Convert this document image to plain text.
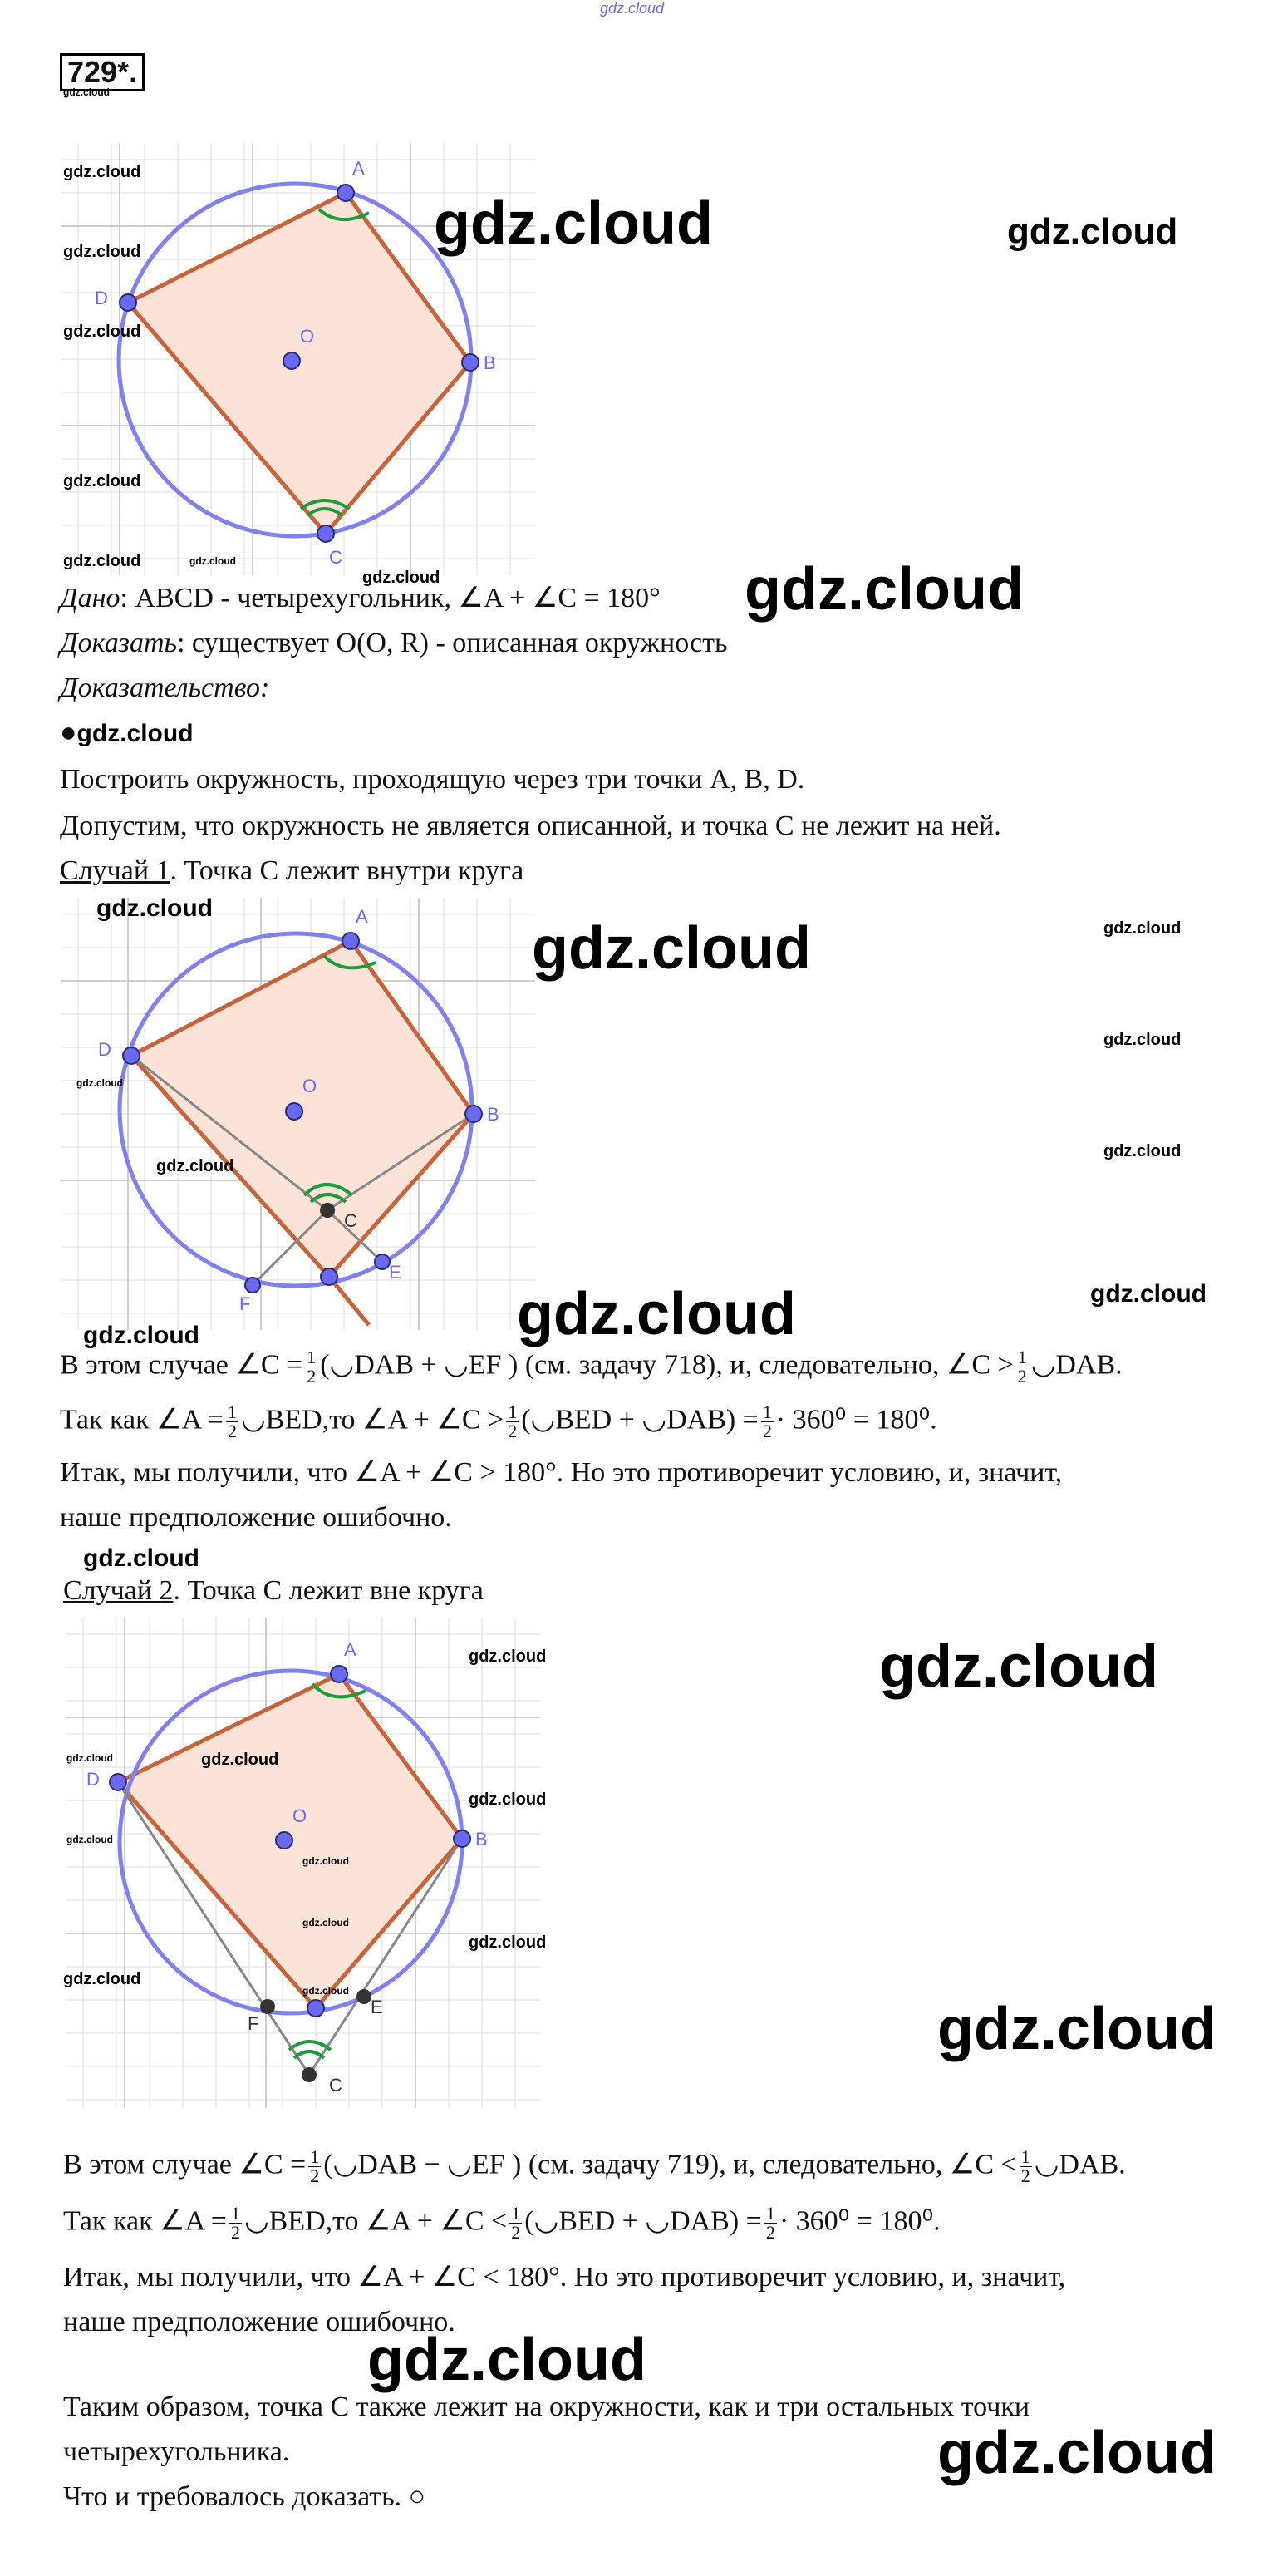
gdz.cloud
729*.
gdz.cloud
A
B
C
D
O
gdz.cloud
gdz.cloud
gdz.cloud
gdz.cloud
gdz.cloud	gdz.cloud
gdz.cloud
gdz.cloud	gdz.cloud
Дано: ABCD - четырехугольник, ∠A + ∠C = 180° gdz.cloud
Доказать: существует O(O, R) - описанная окружность
Доказательство:
●gdz.cloud
Построить окружность, проходящую через три точки A, B, D.
Допустим, что окружность не является описанной, и точка C не лежит на ней.
Случай 1. Точка C лежит внутри круга
A
B
C
D
O
E
F
gdz.cloud
gdz.cloud
gdz.cloud
gdz.cloud	gdz.cloud
gdz.cloud
gdz.cloud
gdz.cloud
gdz.cloud
gdz.cloud
В этом случае ∠C = $\frac{1}{2}$ (◡DAB + ◡EF ) (см. задачу 718), и, следовательно, ∠C > $\frac{1}{2}$ ◡DAB.
Так как ∠A = $\frac{1}{2}$ ◡BED,то ∠A + ∠C > $\frac{1}{2}$ (◡BED + ◡DAB) = $\frac{1}{2} \cdot 360^0 = 180^0$.
Итак, мы получили, что ∠A + ∠C > 180°. Но это противоречит условию, и, значит,
наше предположение ошибочно.
gdz.cloud
Случай 2. Точка C лежит вне круга
A
B
C
D
O
E
F
gdz.cloud
gdz.cloud	gdz.cloud
gdz.cloud
gdz.cloud
gdz.cloud
gdz.cloud
gdz.cloud
gdz.cloud
gdz.cloud
gdz.cloud
gdz.cloud
В этом случае ∠C = $\frac{1}{2}$ (◡DAB − ◡EF ) (см. задачу 719), и, следовательно, ∠C < $\frac{1}{2}$ ◡DAB.
Так как ∠A = $\frac{1}{2}$ ◡BED,то ∠A + ∠C < $\frac{1}{2}$ (◡BED + ◡DAB) = $\frac{1}{2} \cdot 360^0 = 180^0$.
Итак, мы получили, что ∠A + ∠C < 180°. Но это противоречит условию, и, значит,
наше предположение ошибочно.
gdz.cloud
Таким образом, точка C также лежит на окружности, как и три остальных точки
четырехугольника.
Что и требовалось доказать. ○
gdz.cloud
